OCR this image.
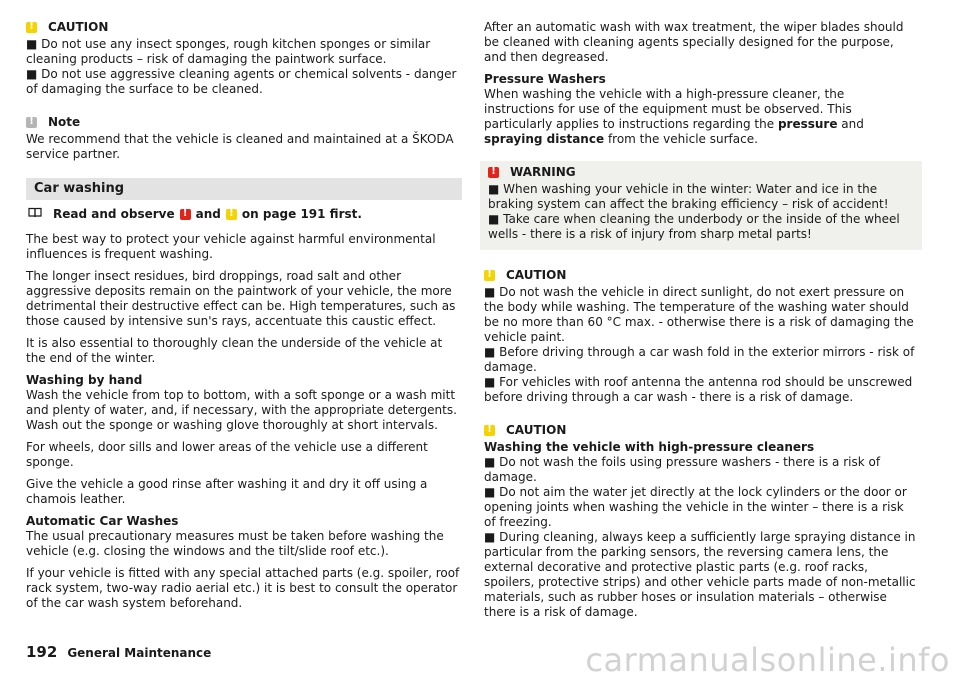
!
CAUTION

■ Do not use any insect sponges, rough kitchen sponges or similar cleaning products – risk of damaging the paintwork surface.

■ Do not use aggressive cleaning agents or chemical solvents - danger of damaging the surface to be cleaned.

!
Note

We recommend that the vehicle is cleaned and maintained at a ŠKODA service partner.

Car washing
Read and observe ! and ! on page 191 first.

The best way to protect your vehicle against harmful environmental influences is frequent washing.

The longer insect residues, bird droppings, road salt and other aggressive deposits remain on the paintwork of your vehicle, the more detrimental their destructive effect can be. High temperatures, such as those caused by intensive sun's rays, accentuate this caustic effect.

It is also essential to thoroughly clean the underside of the vehicle at the end of the winter.

Washing by hand

Wash the vehicle from top to bottom, with a soft sponge or a wash mitt and plenty of water, and, if necessary, with the appropriate detergents. Wash out the sponge or washing glove thoroughly at short intervals.

For wheels, door sills and lower areas of the vehicle use a different sponge.

Give the vehicle a good rinse after washing it and dry it off using a chamois leather.

Automatic Car Washes

The usual precautionary measures must be taken before washing the vehicle (e.g. closing the windows and the tilt/slide roof etc.).

If your vehicle is fitted with any special attached parts (e.g. spoiler, roof rack system, two-way radio aerial etc.) it is best to consult the operator of the car wash system beforehand.

After an automatic wash with wax treatment, the wiper blades should be cleaned with cleaning agents specially designed for the purpose, and then degreased.

Pressure Washers

When washing the vehicle with a high-pressure cleaner, the instructions for use of the equipment must be observed. This particularly applies to instructions regarding the pressure and spraying distance from the vehicle surface.

!
WARNING

■ When washing your vehicle in the winter: Water and ice in the braking system can affect the braking efficiency – risk of accident!

■ Take care when cleaning the underbody or the inside of the wheel wells - there is a risk of injury from sharp metal parts!

!
CAUTION

■ Do not wash the vehicle in direct sunlight, do not exert pressure on the body while washing. The temperature of the washing water should be no more than 60 °C max. - otherwise there is a risk of damaging the vehicle paint.

■ Before driving through a car wash fold in the exterior mirrors - risk of damage.

■ For vehicles with roof antenna the antenna rod should be unscrewed before driving through a car wash - there is a risk of damage.

!
CAUTION

Washing the vehicle with high-pressure cleaners

■ Do not wash the foils using pressure washers - there is a risk of damage.

■ Do not aim the water jet directly at the lock cylinders or the door or opening joints when washing the vehicle in the winter – there is a risk of freezing.

■ During cleaning, always keep a sufficiently large spraying distance in particular from the parking sensors, the reversing camera lens, the external decorative and protective plastic parts (e.g. roof racks, spoilers, protective strips) and other vehicle parts made of non-metallic materials, such as rubber hoses or insulation materials – otherwise there is a risk of damage.

192 General Maintenance	carmanualsonline.info
